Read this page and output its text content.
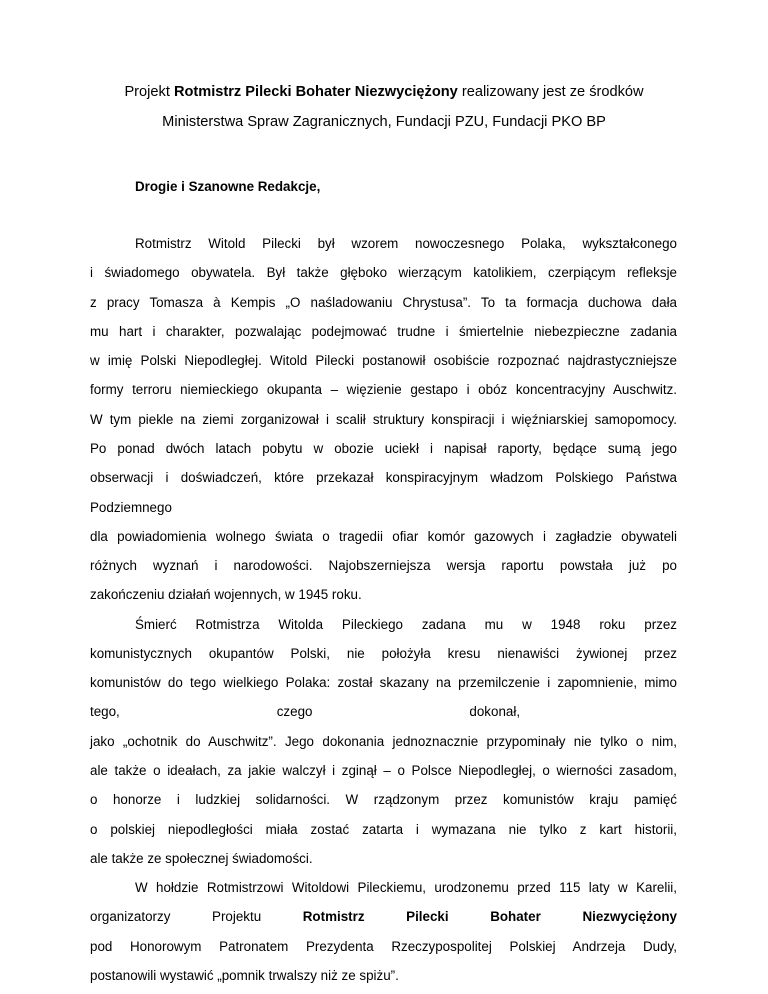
Projekt Rotmistrz Pilecki Bohater Niezwyciężony realizowany jest ze środków
Ministerstwa Spraw Zagranicznych, Fundacji PZU, Fundacji PKO BP
Drogie i Szanowne Redakcje,
Rotmistrz Witold Pilecki był wzorem nowoczesnego Polaka, wykształconego
i świadomego obywatela. Był także głęboko wierzącym katolikiem, czerpiącym refleksje
z pracy Tomasza à Kempis „O naśladowaniu Chrystusa”. To ta formacja duchowa dała
mu hart i charakter, pozwalając podejmować trudne i śmiertelnie niebezpieczne zadania
w imię Polski Niepodległej. Witold Pilecki postanowił osobiście rozpoznać najdrastyczniejsze
formy terroru niemieckiego okupanta – więzienie gestapo i obóz koncentracyjny Auschwitz.
W tym piekle na ziemi zorganizował i scalił struktury konspiracji i więźniarskiej samopomocy.
Po ponad dwóch latach pobytu w obozie uciekł i napisał raporty, będące sumą jego
obserwacji i doświadczeń, które przekazał konspiracyjnym władzom Polskiego Państwa
Podziemnego
dla powiadomienia wolnego świata o tragedii ofiar komór gazowych i zagładzie obywateli
różnych wyznań i narodowości. Najobszerniejsza wersja raportu powstała już po
zakończeniu działań wojennych, w 1945 roku.
Śmierć Rotmistrza Witolda Pileckiego zadana mu w 1948 roku przez
komunistycznych okupantów Polski, nie położyła kresu nienawiści żywionej przez
komunistów do tego wielkiego Polaka: został skazany na przemilczenie i zapomnienie, mimo
tego,	czego	dokonał,
jako „ochotnik do Auschwitz”. Jego dokonania jednoznacznie przypominały nie tylko o nim,
ale także o ideałach, za jakie walczył i zginął – o Polsce Niepodległej, o wierności zasadom,
o honorze i ludzkiej solidarności. W rządzonym przez komunistów kraju pamięć
o polskiej niepodległości miała zostać zatarta i wymazana nie tylko z kart historii,
ale także ze społecznej świadomości.
W hołdzie Rotmistrzowi Witoldowi Pileckiemu, urodzonemu przed 115 laty w Karelii,
organizatorzy	Projektu	Rotmistrz	Pilecki	Bohater	Niezwyciężony
pod Honorowym Patronatem Prezydenta Rzeczypospolitej Polskiej Andrzeja Dudy,
postanowili wystawić „pomnik trwalszy niż ze spiżu”.
